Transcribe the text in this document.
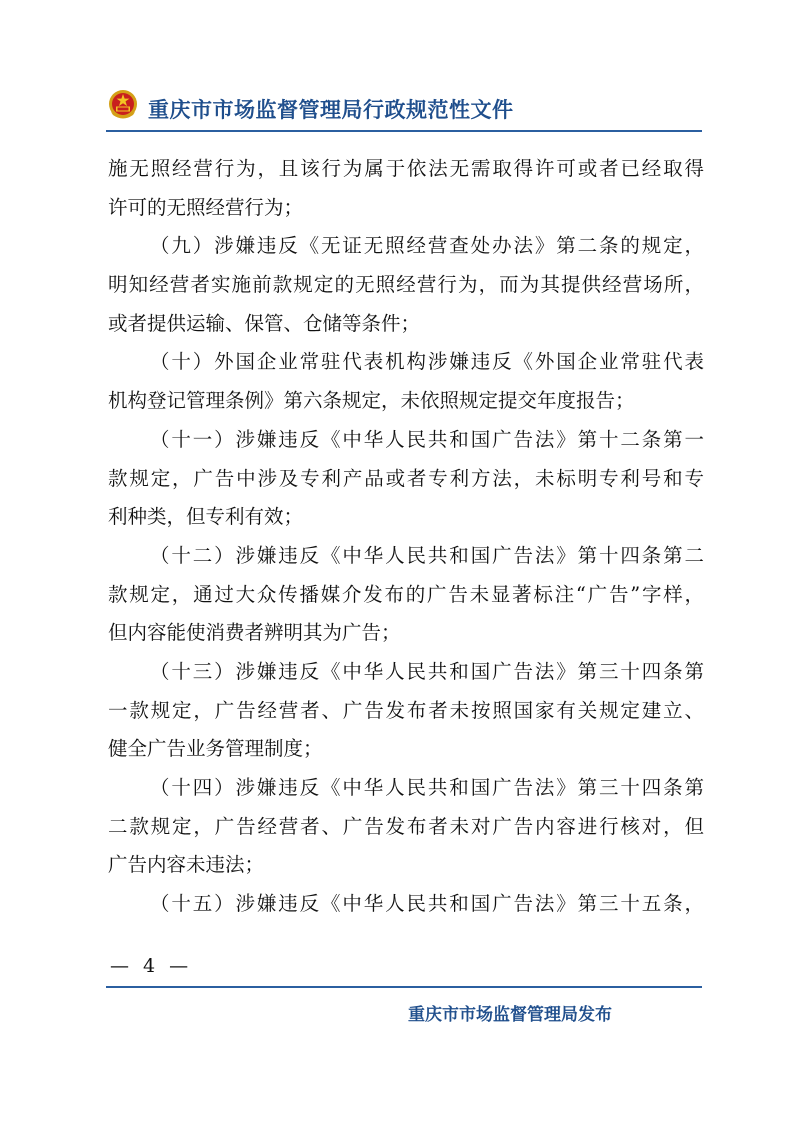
重庆市市场监督管理局行政规范性文件
施无照经营行为，且该行为属于依法无需取得许可或者已经取得
许可的无照经营行为；
（九）涉嫌违反《无证无照经营查处办法》第二条的规定，
明知经营者实施前款规定的无照经营行为，而为其提供经营场所，
或者提供运输、保管、仓储等条件；
（十）外国企业常驻代表机构涉嫌违反《外国企业常驻代表
机构登记管理条例》第六条规定，未依照规定提交年度报告；
（十一）涉嫌违反《中华人民共和国广告法》第十二条第一
款规定，广告中涉及专利产品或者专利方法，未标明专利号和专
利种类，但专利有效；
（十二）涉嫌违反《中华人民共和国广告法》第十四条第二
款规定，通过大众传播媒介发布的广告未显著标注“广告”字样，
但内容能使消费者辨明其为广告；
（十三）涉嫌违反《中华人民共和国广告法》第三十四条第
一款规定，广告经营者、广告发布者未按照国家有关规定建立、
健全广告业务管理制度；
（十四）涉嫌违反《中华人民共和国广告法》第三十四条第
二款规定，广告经营者、广告发布者未对广告内容进行核对，但
广告内容未违法；
（十五）涉嫌违反《中华人民共和国广告法》第三十五条，
— 4 —
重庆市市场监督管理局发布
